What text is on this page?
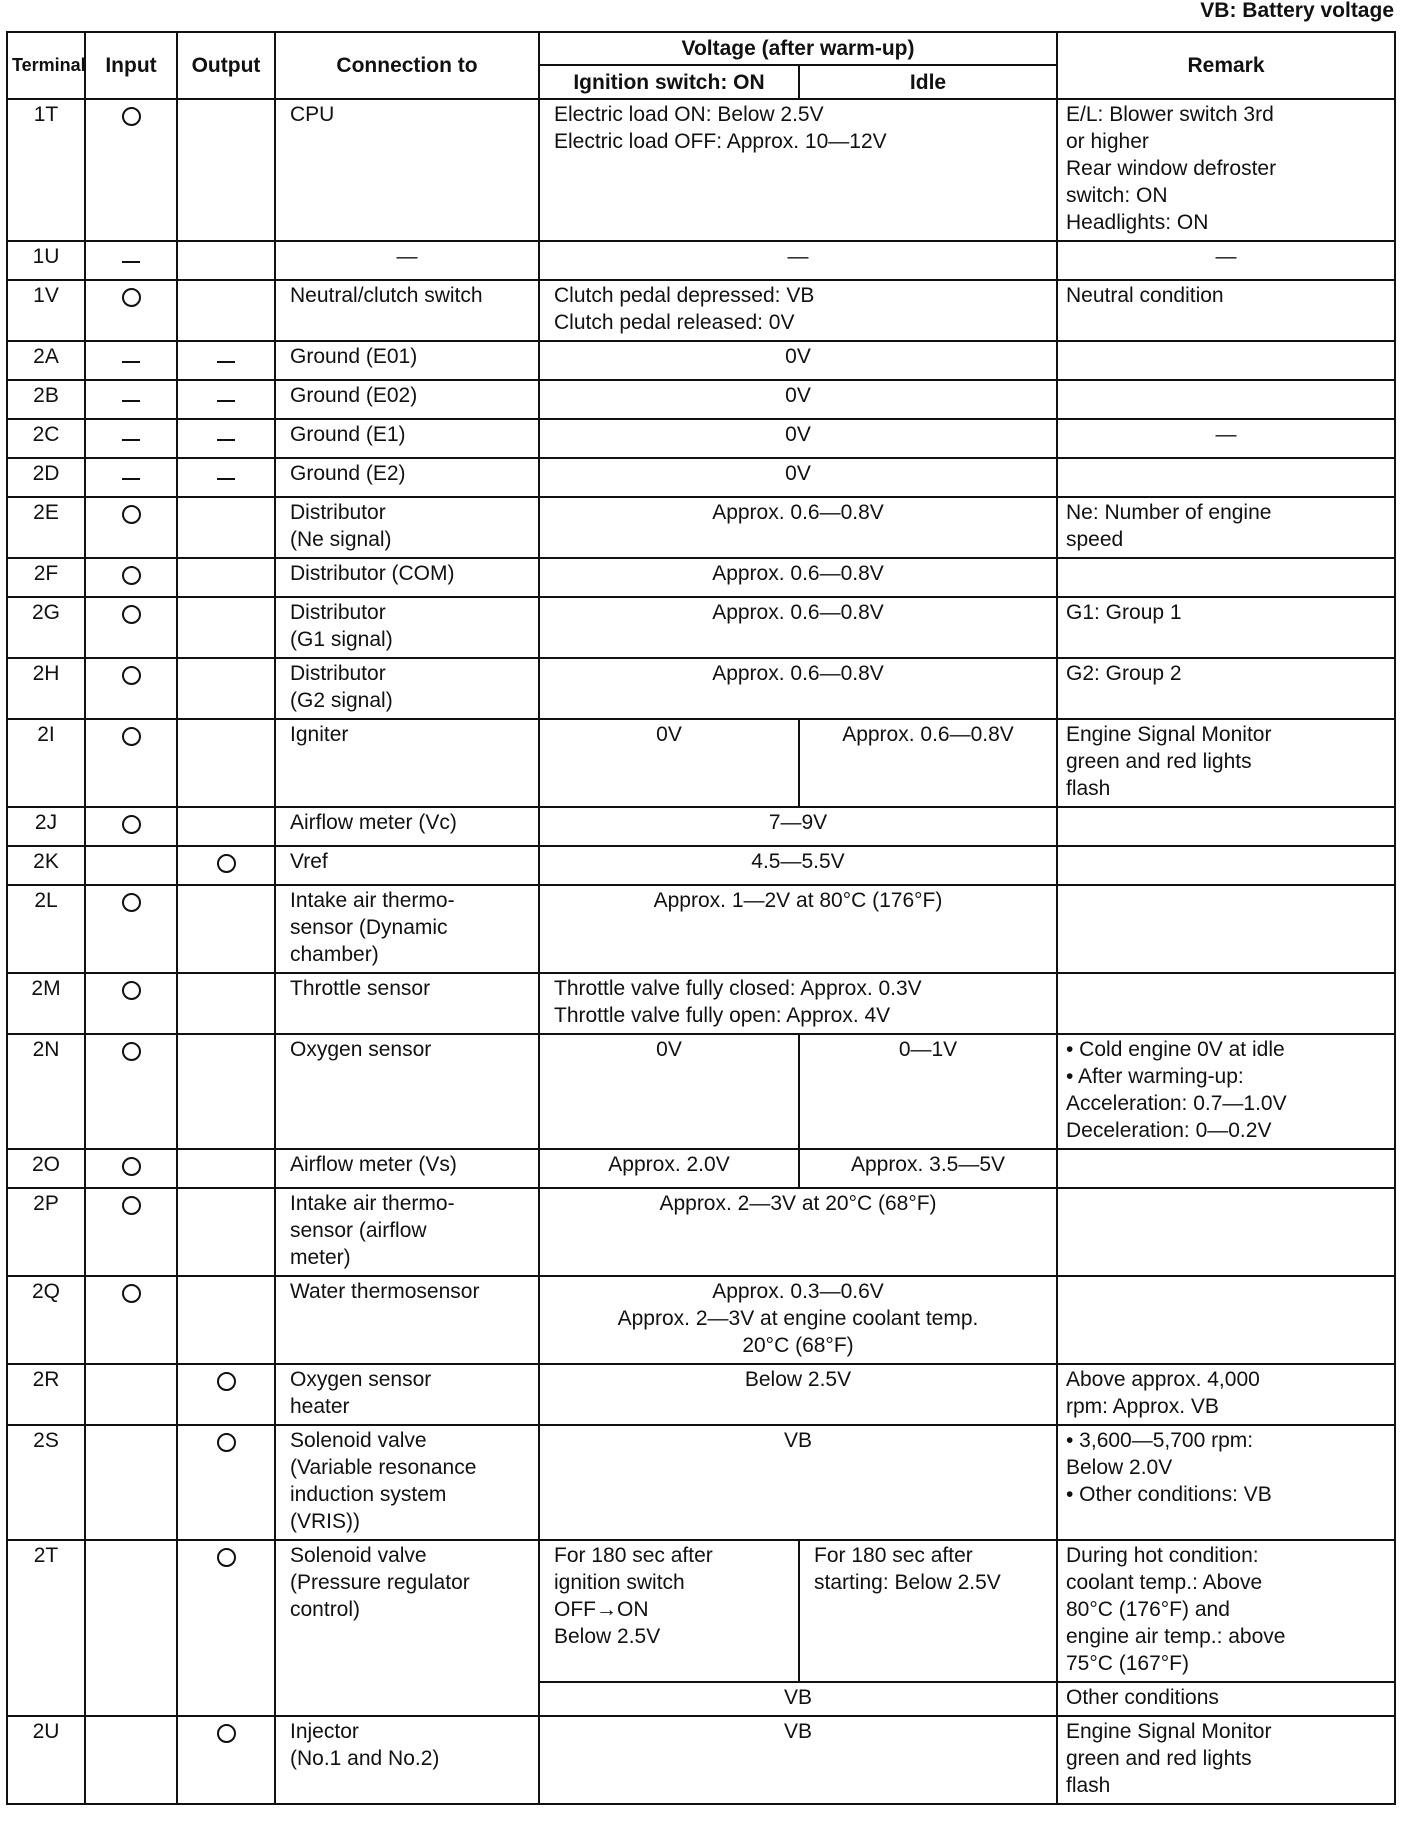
VB: Battery voltage
Terminal	Input	Output	Connection to	Voltage (after warm-up)		Remark
				Ignition switch: ON	Idle	
1T			CPU	Electric load ON: Below 2.5V
Electric load OFF: Approx. 10—12V		E/L: Blower switch 3rd
or higher
Rear window defroster
switch: ON
Headlights: ON
1U			—	—		—
1V			Neutral/clutch switch	Clutch pedal depressed: VB
Clutch pedal released: 0V		Neutral condition
2A			Ground (E01)	0V		
2B			Ground (E02)	0V		
2C			Ground (E1)	0V		—
2D			Ground (E2)	0V		
2E			Distributor
(Ne signal)	Approx. 0.6—0.8V		Ne: Number of engine
speed
2F			Distributor (COM)	Approx. 0.6—0.8V		
2G			Distributor
(G1 signal)	Approx. 0.6—0.8V		G1: Group 1
2H			Distributor
(G2 signal)	Approx. 0.6—0.8V		G2: Group 2
2I			Igniter	0V	Approx. 0.6—0.8V	Engine Signal Monitor
green and red lights
flash
2J			Airflow meter (Vc)	7—9V		
2K			Vref	4.5—5.5V		
2L			Intake air thermo-
sensor (Dynamic
chamber)	Approx. 1—2V at 80°C (176°F)		
2M			Throttle sensor	Throttle valve fully closed: Approx. 0.3V
Throttle valve fully open: Approx. 4V		
2N			Oxygen sensor	0V	0—1V	• Cold engine 0V at idle
• After warming-up:
Acceleration: 0.7—1.0V
Deceleration: 0—0.2V
2O			Airflow meter (Vs)	Approx. 2.0V	Approx. 3.5—5V	
2P			Intake air thermo-
sensor (airflow
meter)	Approx. 2—3V at 20°C (68°F)		
2Q			Water thermosensor	Approx. 0.3—0.6V
Approx. 2—3V at engine coolant temp.
20°C (68°F)		
2R			Oxygen sensor
heater	Below 2.5V		Above approx. 4,000
rpm: Approx. VB
2S			Solenoid valve
(Variable resonance
induction system
(VRIS))	VB		• 3,600—5,700 rpm:
Below 2.0V
• Other conditions: VB
2T			Solenoid valve
(Pressure regulator
control)	For 180 sec after
ignition switch
OFF→ON
Below 2.5V	For 180 sec after
starting: Below 2.5V	During hot condition:
coolant temp.: Above
80°C (176°F) and
engine air temp.: above
75°C (167°F)
				VB		Other conditions
2U			Injector
(No.1 and No.2)	VB		Engine Signal Monitor
green and red lights
flash
